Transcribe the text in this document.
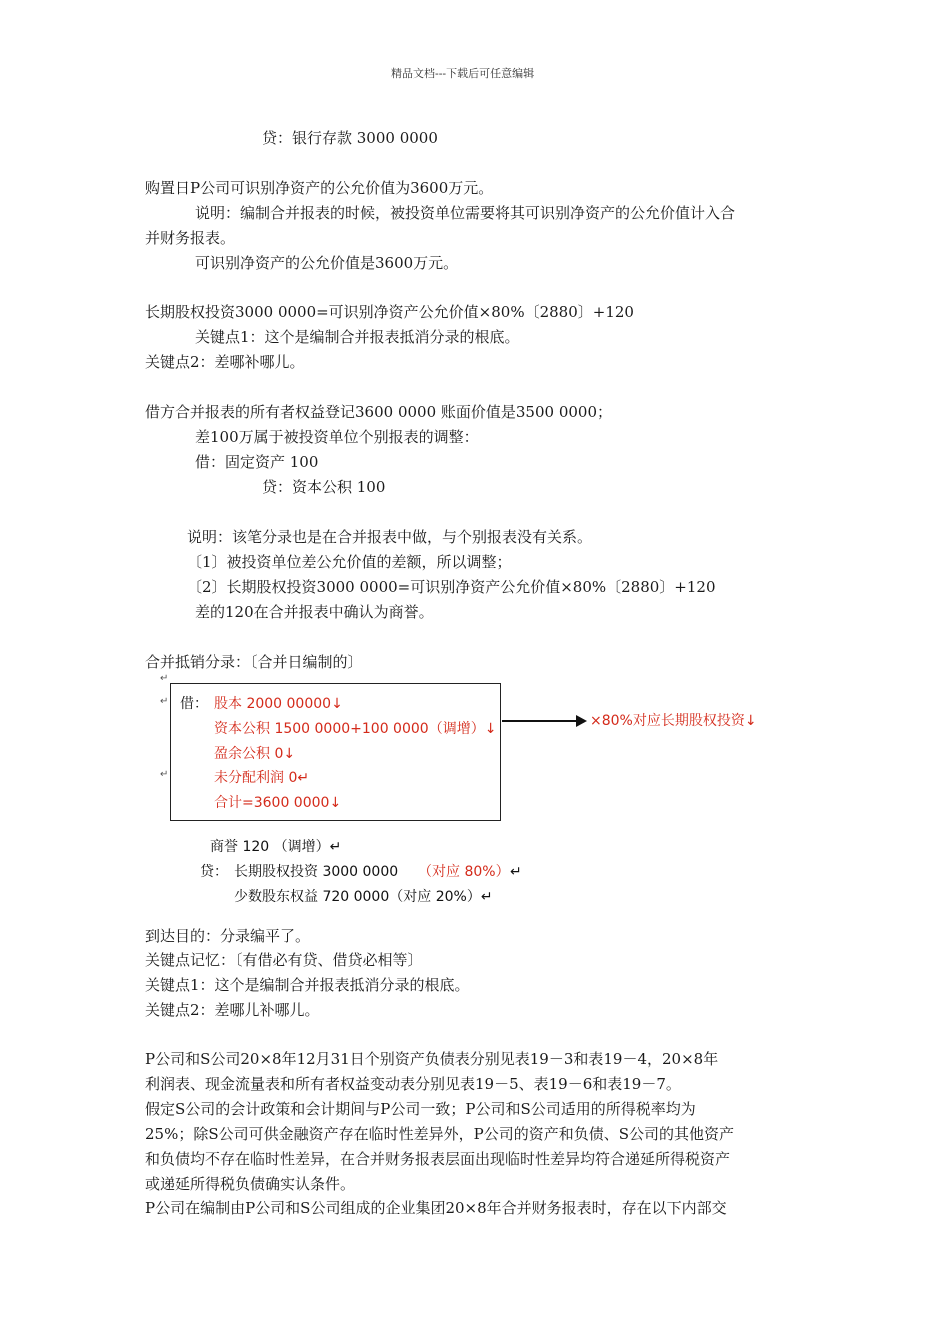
精品文档---下载后可任意编辑
贷：银行存款 3000 0000
购置日P公司可识别净资产的公允价值为3600万元。
说明：编制合并报表的时候，被投资单位需要将其可识别净资产的公允价值计入合
并财务报表。
可识别净资产的公允价值是3600万元。
长期股权投资3000 0000=可识别净资产公允价值×80%〔2880〕+120
关键点1：这个是编制合并报表抵消分录的根底。
关键点2：差哪补哪儿。
借方合并报表的所有者权益登记3600 0000 账面价值是3500 0000；
差100万属于被投资单位个别报表的调整：
借：固定资产 100
贷：资本公积 100
说明：该笔分录也是在合并报表中做，与个别报表没有关系。
〔1〕被投资单位差公允价值的差额，所以调整；
〔2〕长期股权投资3000 0000=可识别净资产公允价值×80%〔2880〕+120
差的120在合并报表中确认为商誉。
合并抵销分录：〔合并日编制的〕
↵
↵
↵
借： 股本 2000 00000↓
资本公积 1500 0000+100 0000（调增）↓
盈余公积 0↓
未分配利润 0↵
合计=3600 0000↓
×80%对应长期股权投资↓
商誉 120 （调增）↵
贷： 长期股权投资 3000 0000 （对应 80%） ↵
少数股东权益 720 0000（对应 20%）↵
到达目的：分录编平了。
关键点记忆：〔有借必有贷、借贷必相等〕
关键点1：这个是编制合并报表抵消分录的根底。
关键点2：差哪儿补哪儿。
P公司和S公司20×8年12月31日个别资产负债表分别见表19－3和表19－4，20×8年
利润表、现金流量表和所有者权益变动表分别见表19－5、表19－6和表19－7。
假定S公司的会计政策和会计期间与P公司一致；P公司和S公司适用的所得税率均为
25%；除S公司可供金融资产存在临时性差异外，P公司的资产和负债、S公司的其他资产
和负债均不存在临时性差异，在合并财务报表层面出现临时性差异均符合递延所得税资产
或递延所得税负债确实认条件。
P公司在编制由P公司和S公司组成的企业集团20×8年合并财务报表时，存在以下内部交
